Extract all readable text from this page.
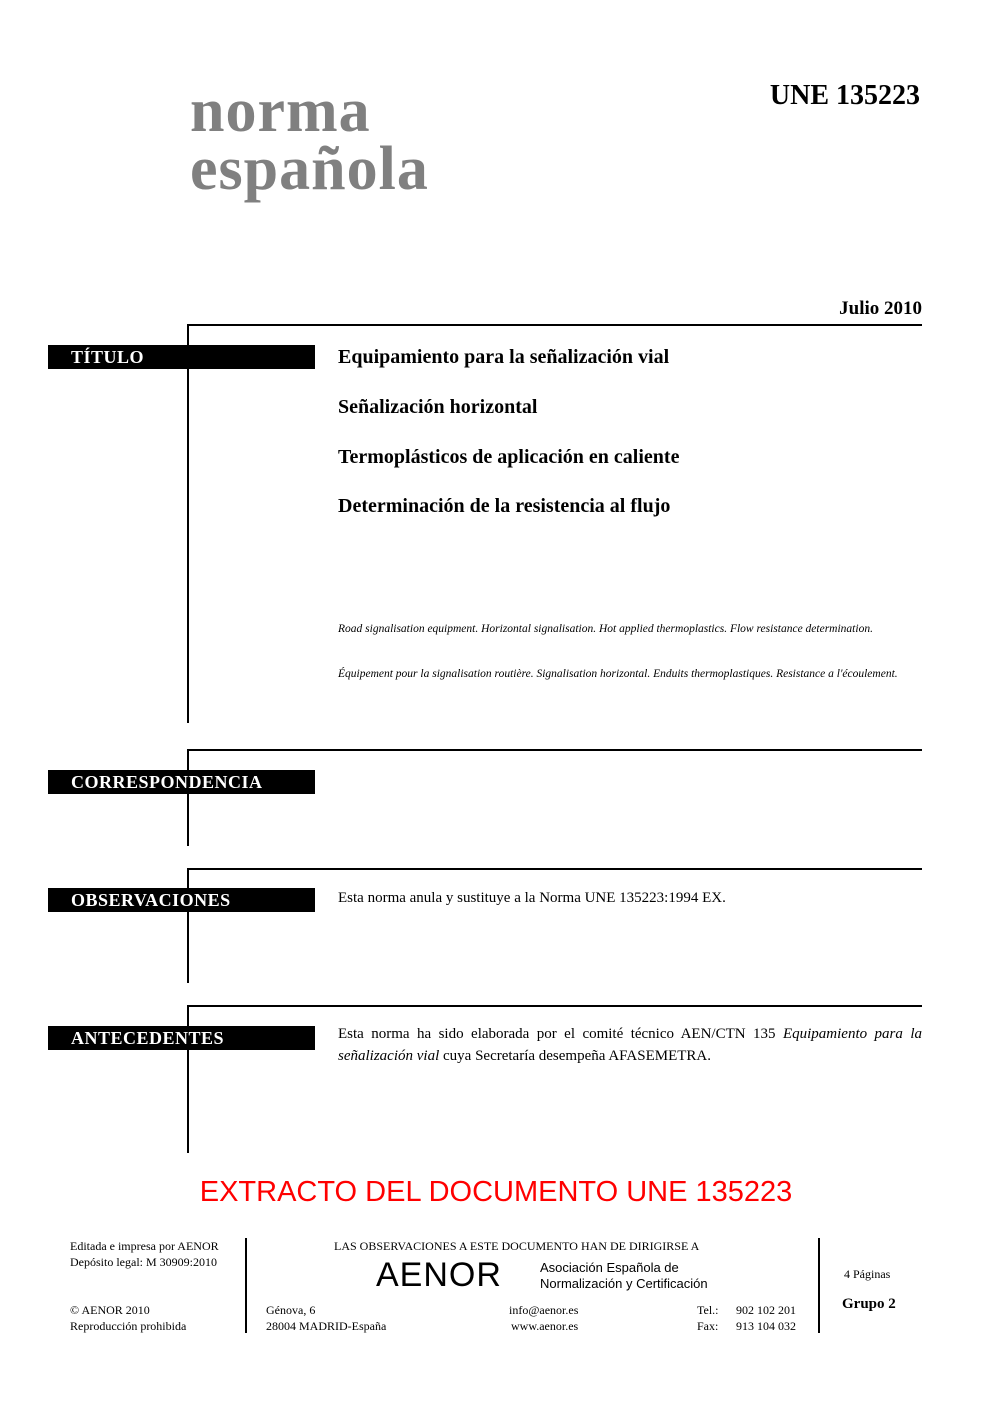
norma
española
UNE 135223
Julio 2010
TÍTULO	Equipamiento para la señalización vial
Señalización horizontal
Termoplásticos de aplicación en caliente
Determinación de la resistencia al flujo
Road signalisation equipment. Horizontal signalisation. Hot applied thermoplastics. Flow resistance determination.
Équipement pour la signalisation routière. Signalisation horizontal. Enduits thermoplastiques. Resistance a l'écoulement.
CORRESPONDENCIA
OBSERVACIONES	Esta norma anula y sustituye a la Norma UNE 135223:1994 EX.
ANTECEDENTES	Esta norma ha sido elaborada por el comité técnico AEN/CTN 135 Equipamiento para la señalización vial cuya Secretaría desempeña AFASEMETRA.
EXTRACTO DEL DOCUMENTO UNE 135223
Editada e impresa por AENOR
Depósito legal: M 30909:2010
© AENOR 2010
Reproducción prohibida
LAS OBSERVACIONES A ESTE DOCUMENTO HAN DE DIRIGIRSE A
AENOR	Asociación Española de
Normalización y Certificación
Génova, 6
28004 MADRID-España
info@aenor.es
www.aenor.es
Tel.: 902 102 201
Fax: 913 104 032
4 Páginas
Grupo 2
